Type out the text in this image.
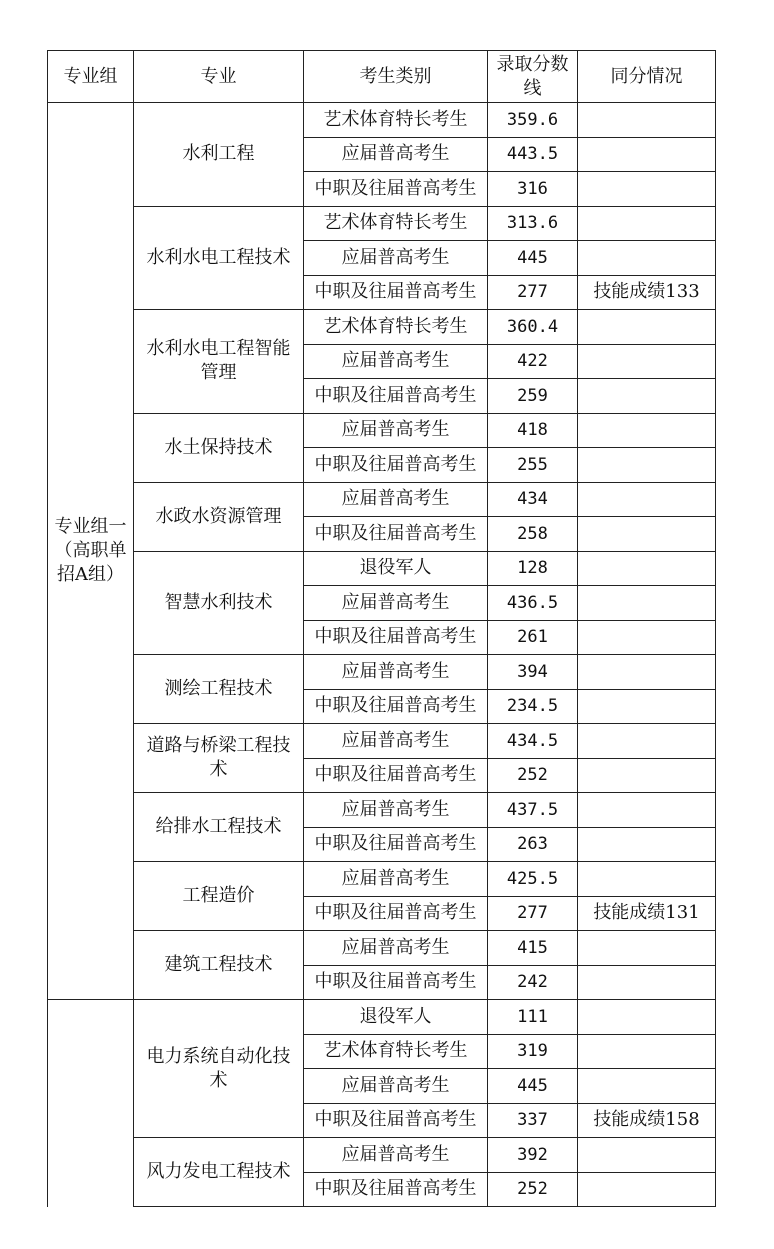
专业组	专业	考生类别	录取分数线	同分情况
专业组一（高职单招A组）	水利工程	艺术体育特长考生	359.6	
		应届普高考生	443.5	
		中职及往届普高考生	316	
	水利水电工程技术	艺术体育特长考生	313.6	
		应届普高考生	445	
		中职及往届普高考生	277	技能成绩133
	水利水电工程智能管理	艺术体育特长考生	360.4	
		应届普高考生	422	
		中职及往届普高考生	259	
	水土保持技术	应届普高考生	418	
		中职及往届普高考生	255	
	水政水资源管理	应届普高考生	434	
		中职及往届普高考生	258	
	智慧水利技术	退役军人	128	
		应届普高考生	436.5	
		中职及往届普高考生	261	
	测绘工程技术	应届普高考生	394	
		中职及往届普高考生	234.5	
	道路与桥梁工程技术	应届普高考生	434.5	
		中职及往届普高考生	252	
	给排水工程技术	应届普高考生	437.5	
		中职及往届普高考生	263	
	工程造价	应届普高考生	425.5	
		中职及往届普高考生	277	技能成绩131
	建筑工程技术	应届普高考生	415	
		中职及往届普高考生	242	
	电力系统自动化技术	退役军人	111	
		艺术体育特长考生	319	
		应届普高考生	445	
		中职及往届普高考生	337	技能成绩158
	风力发电工程技术	应届普高考生	392	
		中职及往届普高考生	252	
